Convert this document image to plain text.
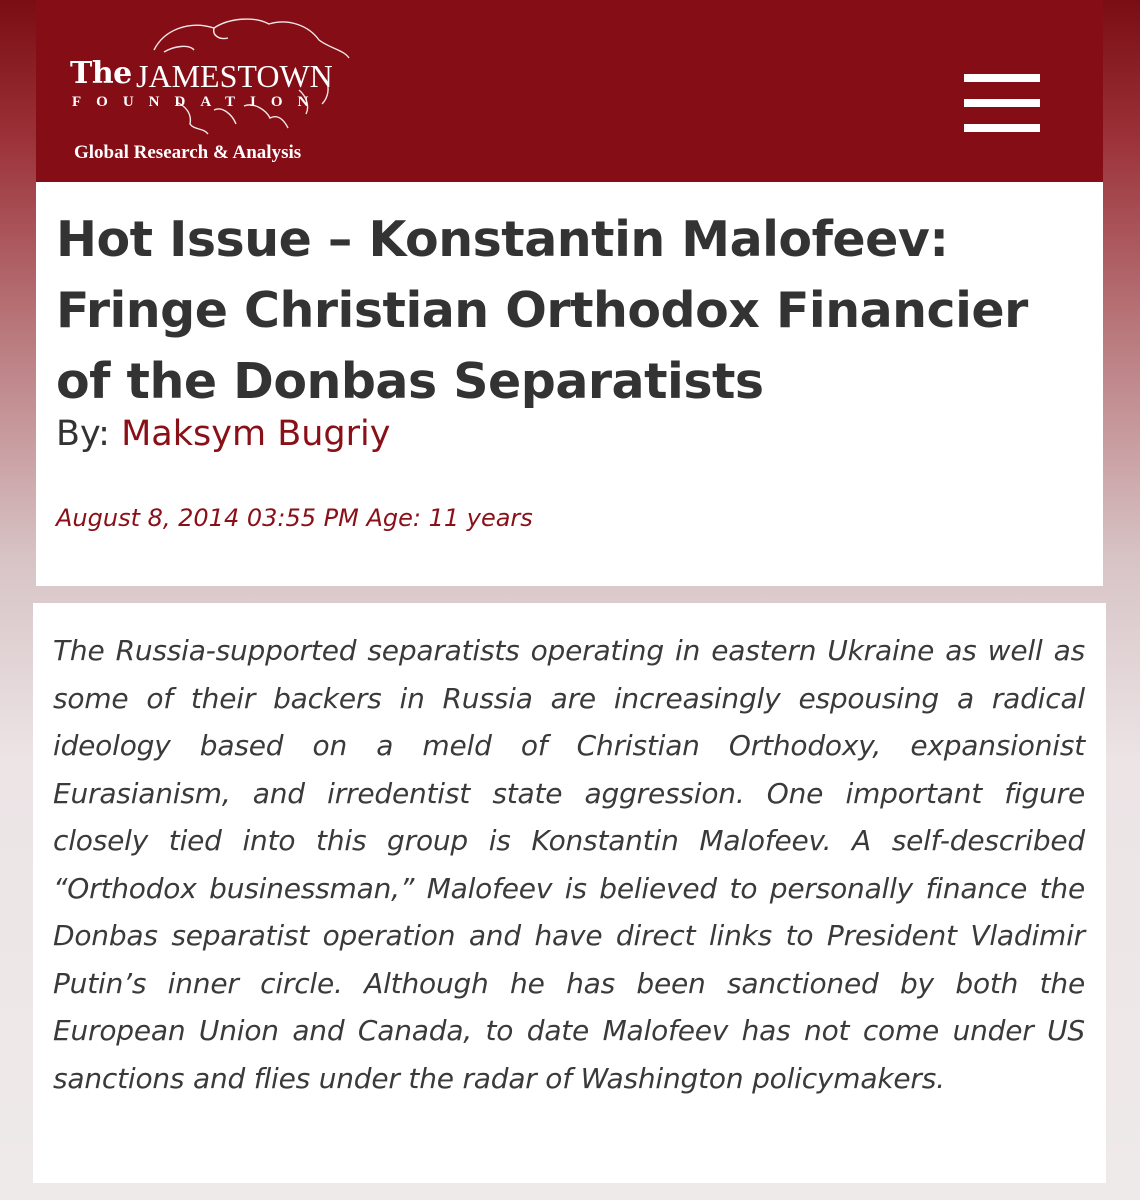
The JAMESTOWN
FOUNDATION
Global Research & Analysis
Hot Issue – Konstantin Malofeev: Fringe Christian Orthodox Financier of the Donbas Separatists
By: Maksym Bugriy
August 8, 2014 03:55 PM Age: 11 years

The Russia-supported separatists operating in eastern Ukraine as well as some of their backers in Russia are increasingly espousing a radical ideology based on a meld of Christian Orthodoxy, expansionist Eurasianism, and irredentist state aggression. One important figure closely tied into this group is Konstantin Malofeev. A self-described “Orthodox businessman,” Malofeev is believed to personally finance the Donbas separatist operation and have direct links to President Vladimir Putin’s inner circle. Although he has been sanctioned by both the European Union and Canada, to date Malofeev has not come under US sanctions and flies under the radar of Washington policymakers.
